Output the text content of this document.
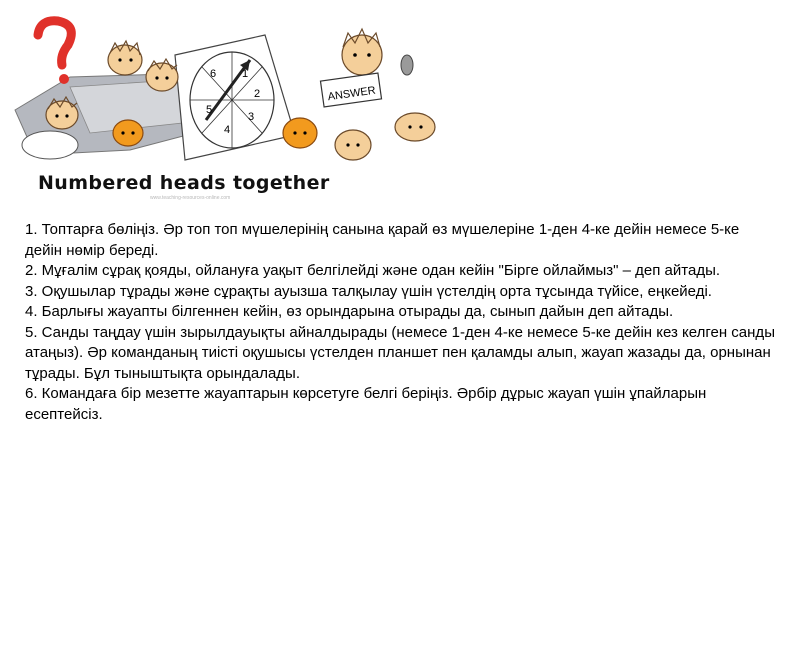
1
2
3
4
5
6
ANSWER
Numbered heads together
www.teaching-resources-online.com

1. Топтарға бөліңіз. Әр топ топ мүшелерінің санына қарай өз мүшелеріне 1-ден 4-ке дейін немесе 5-ке дейін нөмір береді.

2. Мұғалім сұрақ қояды, ойлануға уақыт белгілейді және одан кейін "Бірге ойлаймыз" – деп айтады.

3. Оқушылар тұрады және сұрақты ауызша талқылау үшін үстелдің орта тұсында түйісе, еңкейеді.

4. Барлығы жауапты білгеннен кейін, өз орындарына отырады да, сынып дайын деп айтады.

5. Санды таңдау үшін зырылдауықты айналдырады (немесе 1-ден 4-ке немесе 5-ке дейін кез келген санды атаңыз). Әр команданың тиісті оқушысы үстелден планшет пен қаламды алып, жауап жазады да, орнынан тұрады. Бұл тыныштықта орындалады.

6. Командаға бір мезетте жауаптарын көрсетуге белгі беріңіз. Әрбір дұрыс жауап үшін ұпайларын есептейсіз.
